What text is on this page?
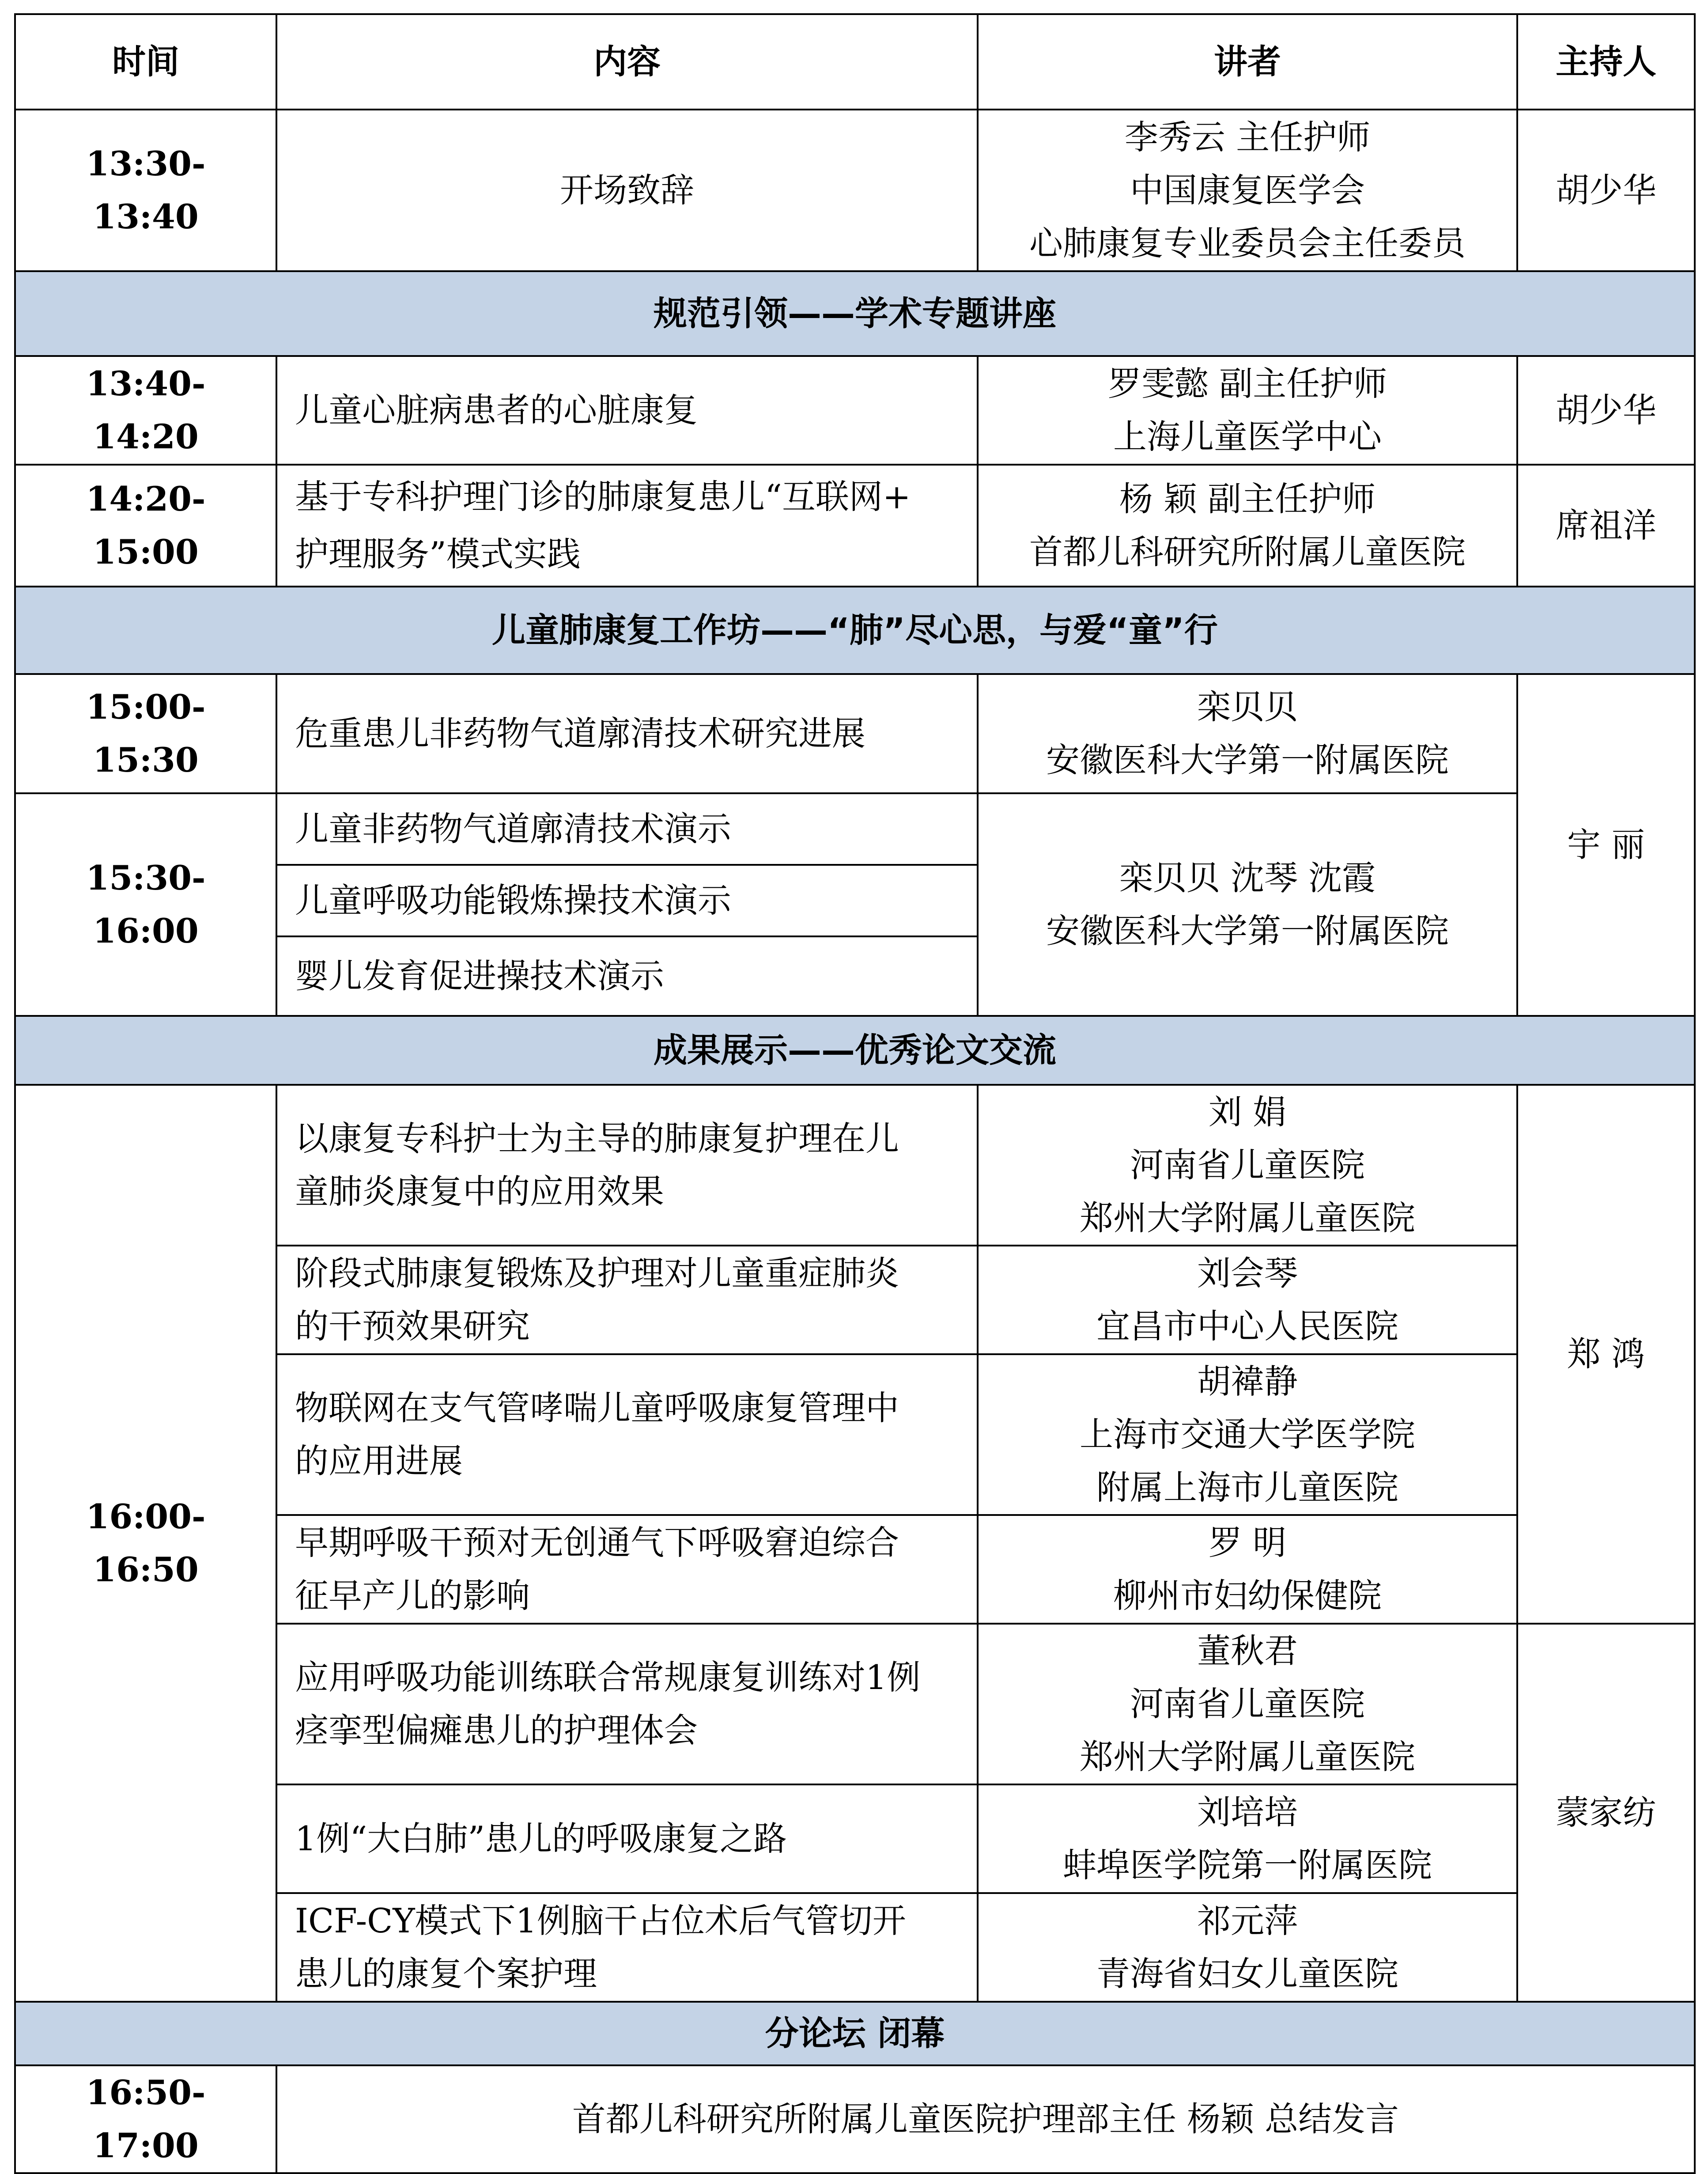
时间	内容	讲者	主持人
13:30-13:40	开场致辞	李秀云 主任护师
中国康复医学会
心肺康复专业委员会主任委员	胡少华
规范引领——学术专题讲座			
13:40-14:20	儿童心脏病患者的心脏康复	罗雯懿 副主任护师
上海儿童医学中心	胡少华
14:20-15:00	基于专科护理门诊的肺康复患儿“互联网+
护理服务”模式实践	杨 颖 副主任护师
首都儿科研究所附属儿童医院	席祖洋
儿童肺康复工作坊——“肺”尽心思，与爱“童”行			
15:00-15:30	危重患儿非药物气道廓清技术研究进展	栾贝贝
安徽医科大学第一附属医院	宇 丽
15:30-16:00	儿童非药物气道廓清技术演示	栾贝贝 沈琴 沈霞
安徽医科大学第一附属医院	

	儿童呼吸功能锻炼操技术演示		
	婴儿发育促进操技术演示		
成果展示——优秀论文交流			
16:00-16:50	以康复专科护士为主导的肺康复护理在儿
童肺炎康复中的应用效果	刘 娟
河南省儿童医院
郑州大学附属儿童医院	郑 鸿

	阶段式肺康复锻炼及护理对儿童重症肺炎
的干预效果研究	刘会琴
宜昌市中心人民医院	

	物联网在支气管哮喘儿童呼吸康复管理中
的应用进展	胡褘静
上海市交通大学医学院
附属上海市儿童医院	

	早期呼吸干预对无创通气下呼吸窘迫综合
征早产儿的影响	罗 明
柳州市妇幼保健院	

	应用呼吸功能训练联合常规康复训练对1例
痉挛型偏瘫患儿的护理体会	董秋君
河南省儿童医院
郑州大学附属儿童医院	蒙家纺

	1例“大白肺”患儿的呼吸康复之路	刘培培
蚌埠医学院第一附属医院	

	ICF-CY模式下1例脑干占位术后气管切开
患儿的康复个案护理	祁元萍
青海省妇女儿童医院	

分论坛 闭幕			
16:50-17:00	首都儿科研究所附属儿童医院护理部主任 杨颖 总结发言		
